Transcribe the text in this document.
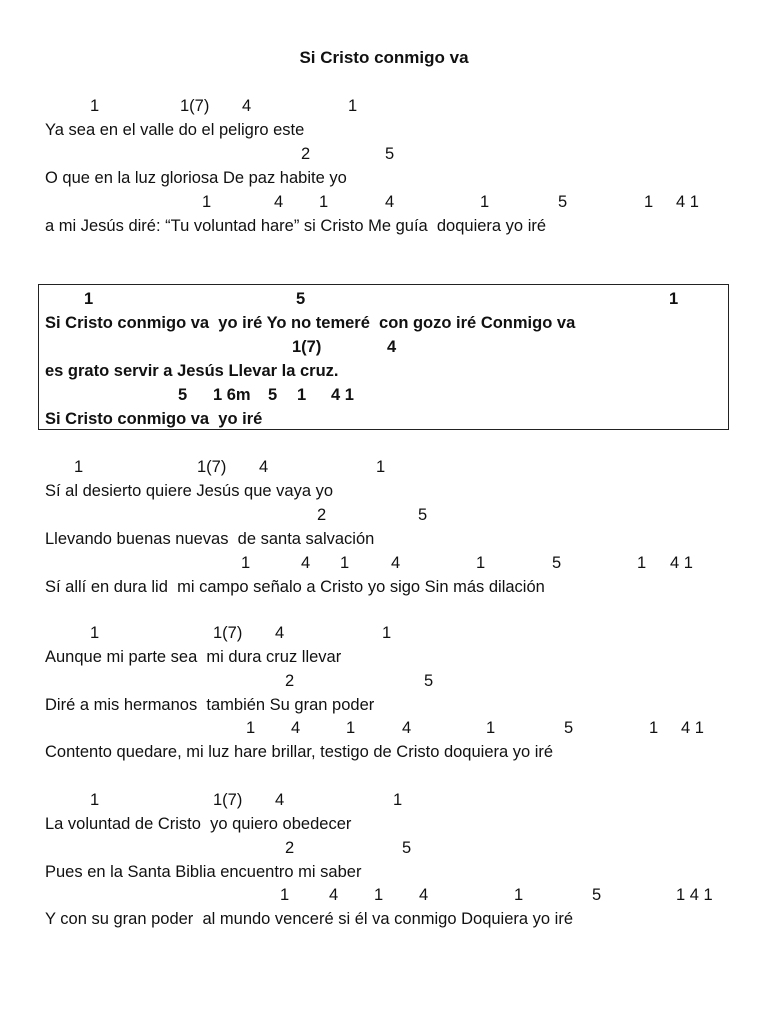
Si Cristo conmigo va
1	1(7) 4	1
Ya sea en el valle do el peligro este
2	5
O que en la luz gloriosa De paz habite yo
1	4 1	4	1	5	1 4 1
a mi Jesús diré: “Tu voluntad hare” si Cristo Me guía  doquiera yo iré
1	5	1
Si Cristo conmigo va  yo iré Yo no temeré  con gozo iré Conmigo va
1(7)	4
es grato servir a Jesús Llevar la cruz.
5 1 6m 5 1 4 1
Si Cristo conmigo va  yo iré
1	1(7) 4	1
Sí al desierto quiere Jesús que vaya yo
2	5
Llevando buenas nuevas  de santa salvación
1	4 1	4	1	5	1 4 1
Sí allí en dura lid  mi campo señalo a Cristo yo sigo Sin más dilación
1	1(7) 4	1
Aunque mi parte sea  mi dura cruz llevar
2	5
Diré a mis hermanos  también Su gran poder
1 4	1	4	1	5	1 4 1
Contento quedare, mi luz hare brillar, testigo de Cristo doquiera yo iré
1	1(7) 4	1
La voluntad de Cristo  yo quiero obedecer
2	5
Pues en la Santa Biblia encuentro mi saber
1 4 1 4	1	5	1 4 1
Y con su gran poder  al mundo venceré si él va conmigo Doquiera yo iré
